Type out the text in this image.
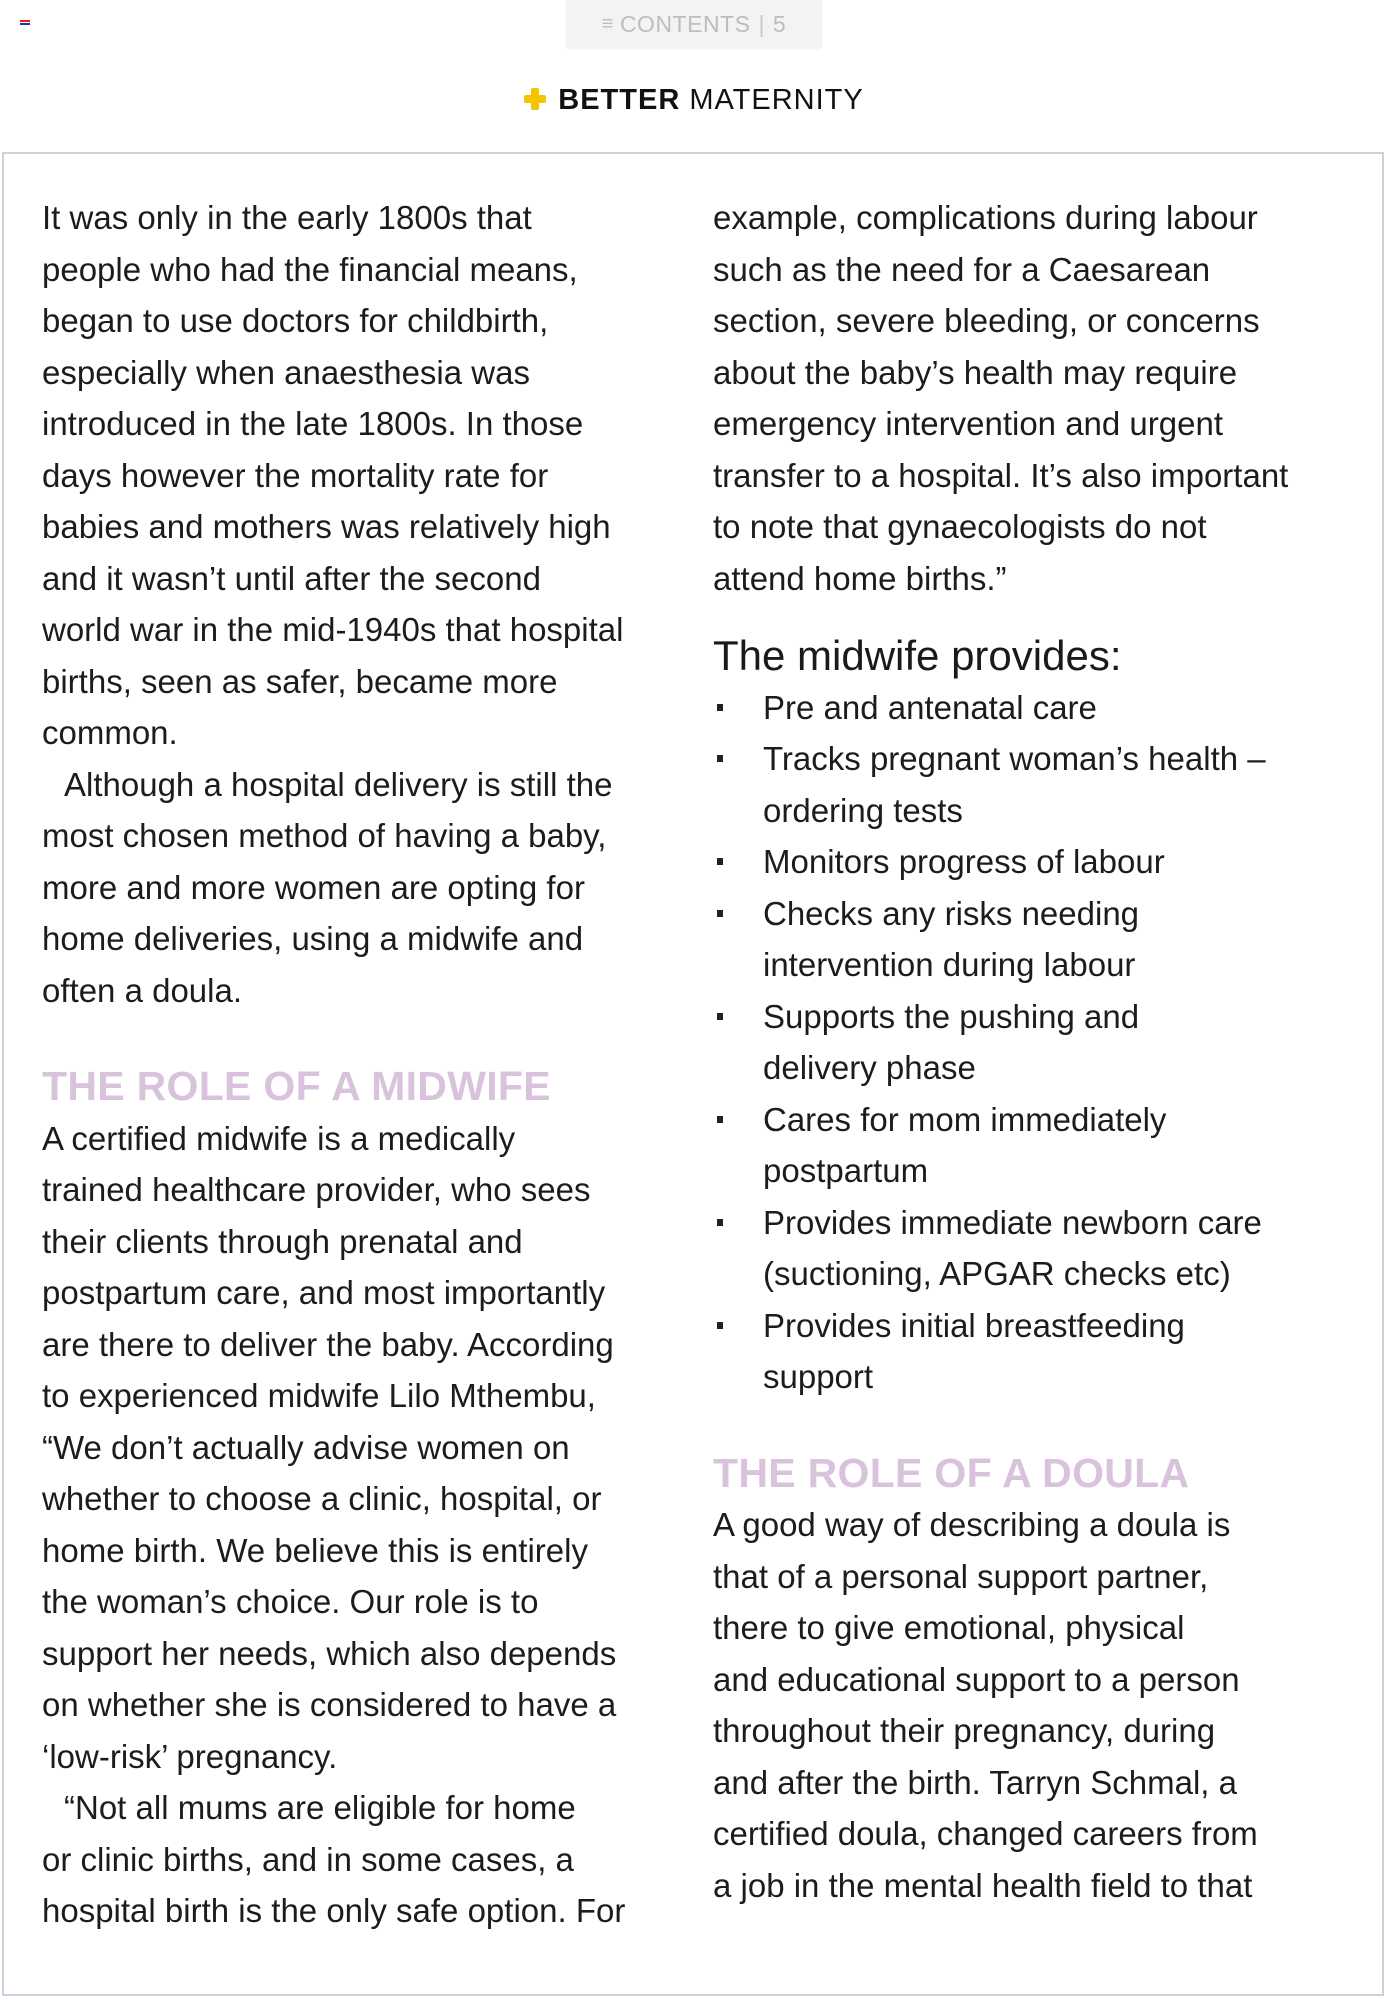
≡ CONTENTS | 5
BETTER MATERNITY

It was only in the early 1800s that
people who had the financial means,
began to use doctors for childbirth,
especially when anaesthesia was
introduced in the late 1800s. In those
days however the mortality rate for
babies and mothers was relatively high
and it wasn’t until after the second
world war in the mid-1940s that hospital
births, seen as safer, became more
common.

Although a hospital delivery is still the
most chosen method of having a baby,
more and more women are opting for
home deliveries, using a midwife and
often a doula.

THE ROLE OF A MIDWIFE

A certified midwife is a medically
trained healthcare provider, who sees
their clients through prenatal and
postpartum care, and most importantly
are there to deliver the baby. According
to experienced midwife Lilo Mthembu,
“We don’t actually advise women on
whether to choose a clinic, hospital, or
home birth. We believe this is entirely
the woman’s choice. Our role is to
support her needs, which also depends
on whether she is considered to have a
‘low-risk’ pregnancy.

“Not all mums are eligible for home
or clinic births, and in some cases, a
hospital birth is the only safe option. For

example, complications during labour
such as the need for a Caesarean
section, severe bleeding, or concerns
about the baby’s health may require
emergency intervention and urgent
transfer to a hospital. It’s also important
to note that gynaecologists do not
attend home births.”

The midwife provides:
Pre and antenatal care
Tracks pregnant woman’s health –
ordering tests
Monitors progress of labour
Checks any risks needing
intervention during labour
Supports the pushing and
delivery phase
Cares for mom immediately
postpartum
Provides immediate newborn care
(suctioning, APGAR checks etc)
Provides initial breastfeeding
support
THE ROLE OF A DOULA

A good way of describing a doula is
that of a personal support partner,
there to give emotional, physical
and educational support to a person
throughout their pregnancy, during
and after the birth. Tarryn Schmal, a
certified doula, changed careers from
a job in the mental health field to that
